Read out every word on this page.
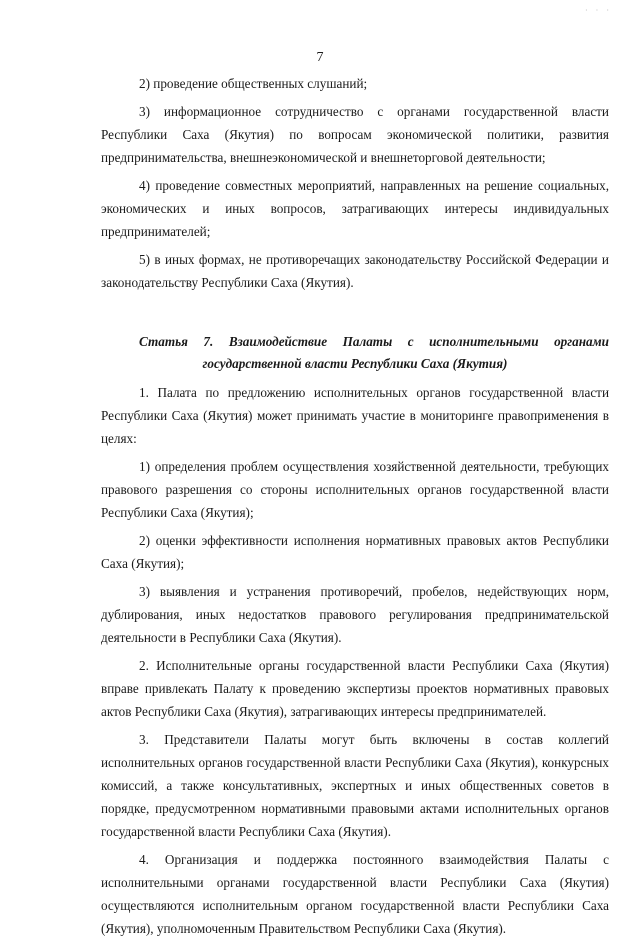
· · ·
7

2) проведение общественных слушаний;

3) информационное сотрудничество с органами государственной власти Республики Саха (Якутия) по вопросам экономической политики, развития предпринимательства, внешнеэкономической и внешнеторговой деятельности;

4) проведение совместных мероприятий, направленных на решение социальных, экономических и иных вопросов, затрагивающих интересы индивидуальных предпринимателей;

5) в иных формах, не противоречащих законодательству Российской Федерации и законодательству Республики Саха (Якутия).

Статья 7. Взаимодействие Палаты с исполнительными органами государственной власти Республики Саха (Якутия)

1. Палата по предложению исполнительных органов государственной власти Республики Саха (Якутия) может принимать участие в мониторинге правоприменения в целях:

1) определения проблем осуществления хозяйственной деятельности, требующих правового разрешения со стороны исполнительных органов государственной власти Республики Саха (Якутия);

2) оценки эффективности исполнения нормативных правовых актов Республики Саха (Якутия);

3) выявления и устранения противоречий, пробелов, недействующих норм, дублирования, иных недостатков правового регулирования предпринимательской деятельности в Республики Саха (Якутия).

2. Исполнительные органы государственной власти Республики Саха (Якутия) вправе привлекать Палату к проведению экспертизы проектов нормативных правовых актов Республики Саха (Якутия), затрагивающих интересы предпринимателей.

3. Представители Палаты могут быть включены в состав коллегий исполнительных органов государственной власти Республики Саха (Якутия), конкурсных комиссий, а также консультативных, экспертных и иных общественных советов в порядке, предусмотренном нормативными правовыми актами исполнительных органов государственной власти Республики Саха (Якутия).

4. Организация и поддержка постоянного взаимодействия Палаты с исполнительными органами государственной власти Республики Саха (Якутия) осуществляются исполнительным органом государственной власти Республики Саха (Якутия), уполномоченным Правительством Республики Саха (Якутия).
